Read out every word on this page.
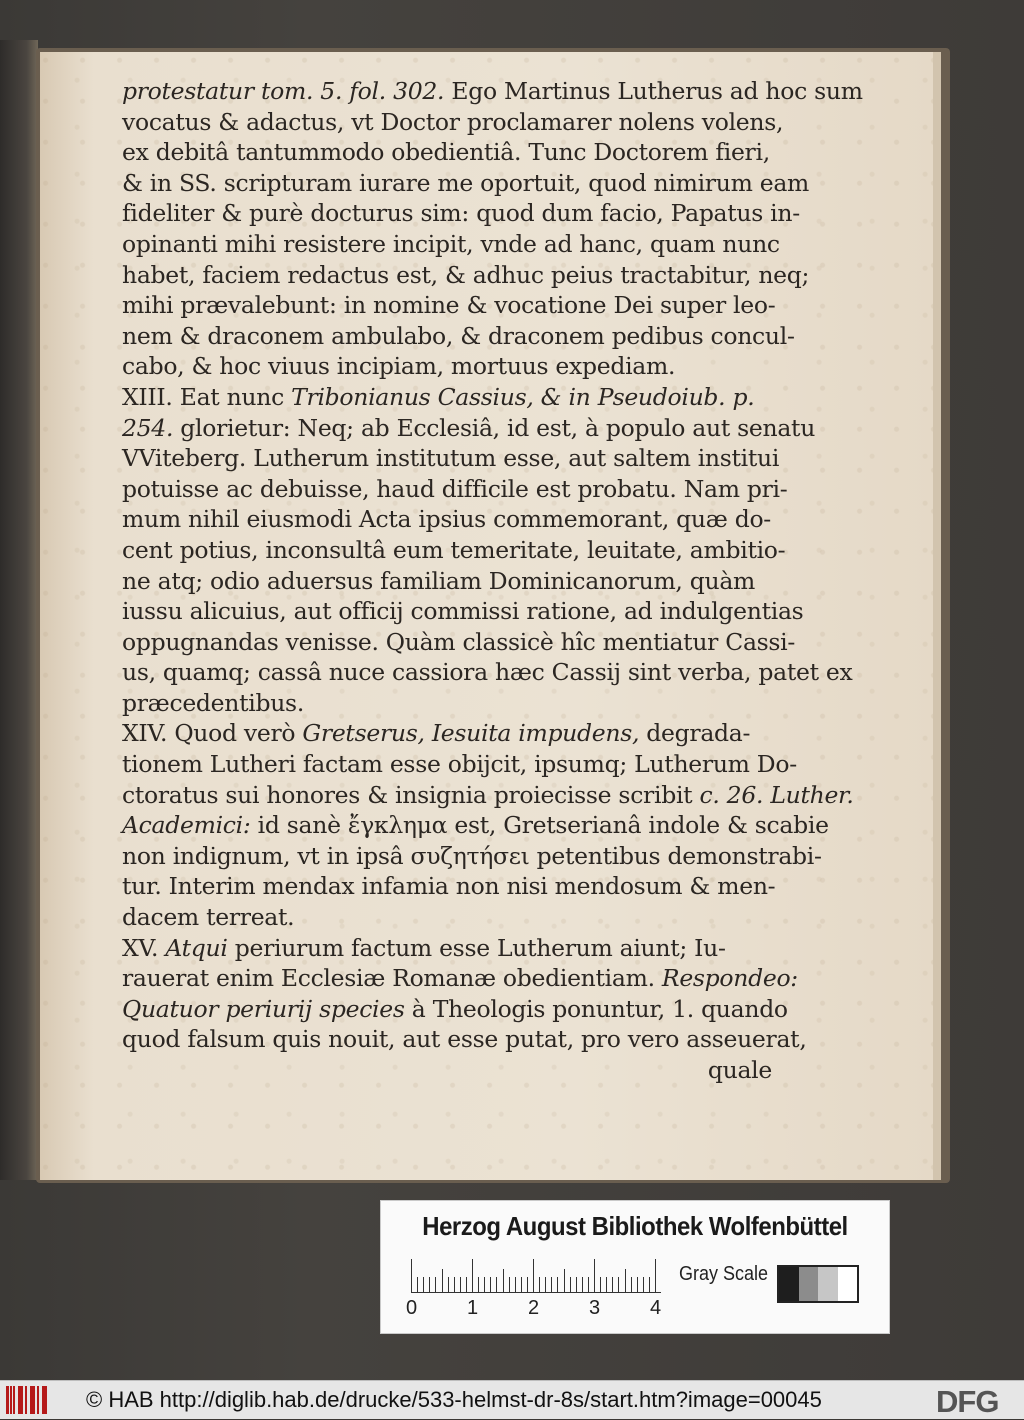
protestatur tom. 5. fol. 302. Ego Martinus Lutherus ad hoc sum
vocatus & adactus, vt Doctor proclamarer nolens volens,
ex debitâ tantummodo obedientiâ. Tunc Doctorem fieri,
& in SS. scripturam iurare me oportuit, quod nimirum eam
fideliter & purè docturus sim: quod dum facio, Papatus in-
opinanti mihi resistere incipit, vnde ad hanc, quam nunc
habet, faciem redactus est, & adhuc peius tractabitur, neq;
mihi prævalebunt: in nomine & vocatione Dei super leo-
nem & draconem ambulabo, & draconem pedibus concul-
cabo, & hoc viuus incipiam, mortuus expediam.
XIII. Eat nunc Tribonianus Cassius, & in Pseudoiub. p.
254. glorietur: Neq; ab Ecclesiâ, id est, à populo aut senatu
VViteberg. Lutherum institutum esse, aut saltem institui
potuisse ac debuisse, haud difficile est probatu. Nam pri-
mum nihil eiusmodi Acta ipsius commemorant, quæ do-
cent potius, inconsultâ eum temeritate, leuitate, ambitio-
ne atq; odio aduersus familiam Dominicanorum, quàm
iussu alicuius, aut officij commissi ratione, ad indulgentias
oppugnandas venisse. Quàm classicè hîc mentiatur Cassi-
us, quamq; cassâ nuce cassiora hæc Cassij sint verba, patet ex
præcedentibus.
XIV. Quod verò Gretserus, Iesuita impudens, degrada-
tionem Lutheri factam esse obijcit, ipsumq; Lutherum Do-
ctoratus sui honores & insignia proiecisse scribit c. 26. Luther.
Academici: id sanè ἔγκλημα est, Gretserianâ indole & scabie
non indignum, vt in ipsâ συζητήσει petentibus demonstrabi-
tur. Interim mendax infamia non nisi mendosum & men-
dacem terreat.
XV. Atqui periurum factum esse Lutherum aiunt; Iu-
rauerat enim Ecclesiæ Romanæ obedientiam. Respondeo:
Quatuor periurij species à Theologis ponuntur, 1. quando
quod falsum quis nouit, aut esse putat, pro vero asseuerat,
quale
Herzog August Bibliothek Wolfenbüttel
0 1 2 3 4
Gray Scale
© HAB http://diglib.hab.de/drucke/533-helmst-dr-8s/start.htm?image=00045	DFG
